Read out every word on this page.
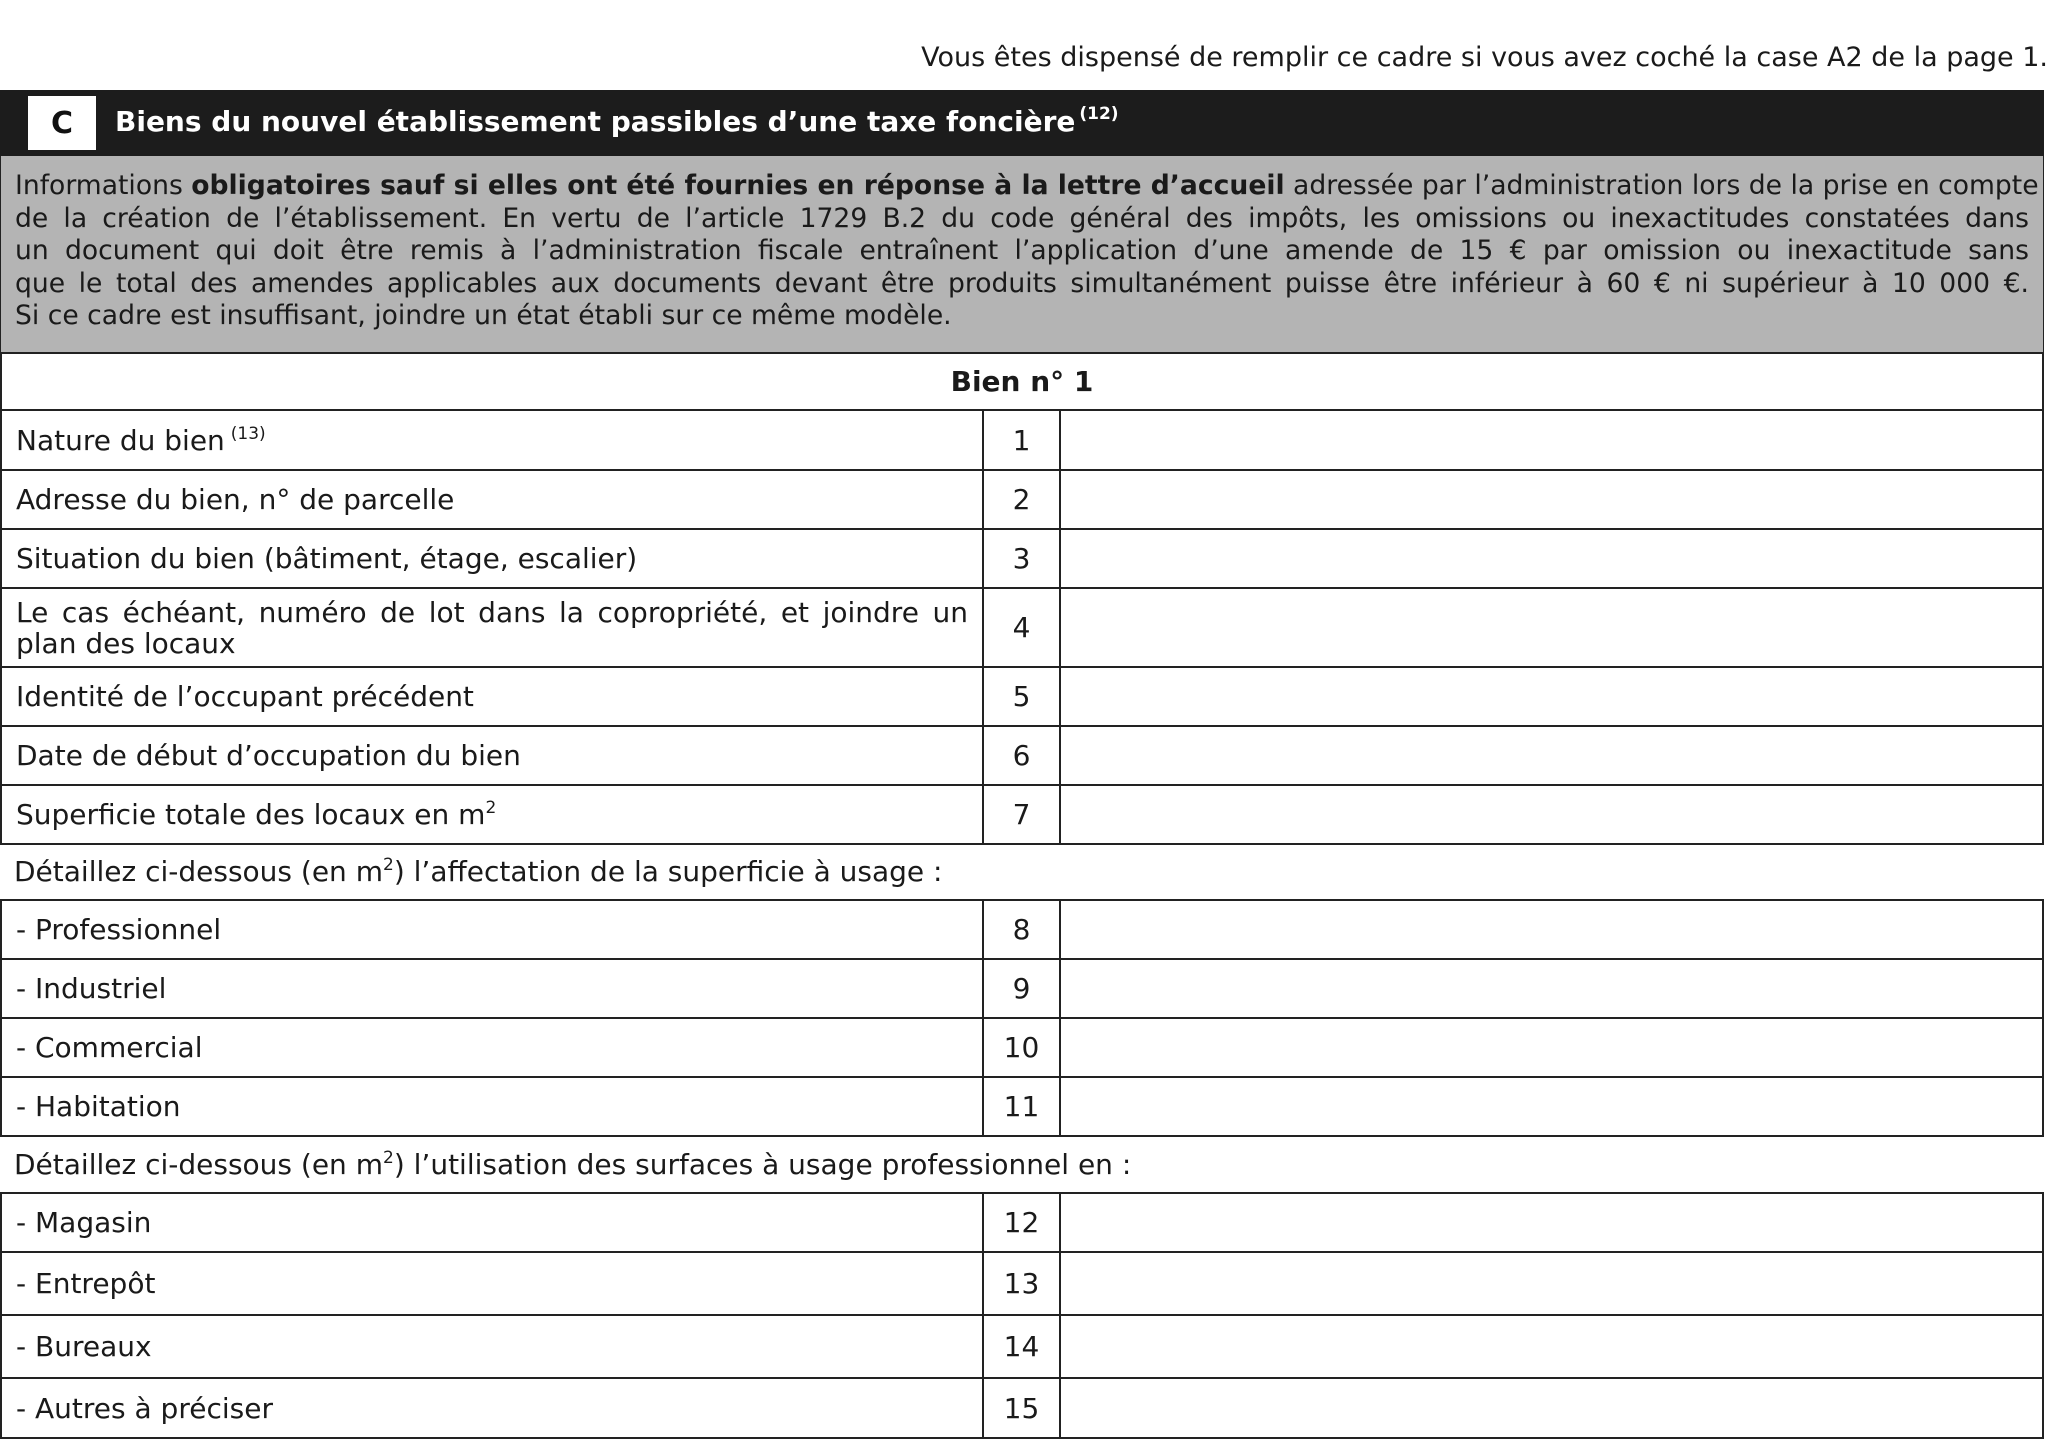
Vous êtes dispensé de remplir ce cadre si vous avez coché la case A2 de la page 1.
C	Biens du nouvel établissement passibles d’une taxe foncière $^{(12)}$
Informations obligatoires sauf si elles ont été fournies en réponse à la lettre d’accueil adressée par l’administration lors de la prise en compte
de la création de l’établissement. En vertu de l’article 1729 B.2 du code général des impôts, les omissions ou inexactitudes constatées dans
un document qui doit être remis à l’administration fiscale entraînent l’application d’une amende de 15 € par omission ou inexactitude sans
que le total des amendes applicables aux documents devant être produits simultanément puisse être inférieur à 60 € ni supérieur à 10 000 €.
Si ce cadre est insuffisant, joindre un état établi sur ce même modèle.
Bien n° 1		
Nature du bien $^{(13)}$	1	
Adresse du bien, n° de parcelle	2	
Situation du bien (bâtiment, étage, escalier)	3	
Le cas échéant, numéro de lot dans la copropriété, et joindre un plan des locaux	4	
Identité de l’occupant précédent	5	
Date de début d’occupation du bien	6	
Superficie totale des locaux en $m^2$	7	
Détaillez ci-dessous (en $m^2$) l’affectation de la superficie à usage :
- Professionnel	8	
- Industriel	9	
- Commercial	10	
- Habitation	11	
Détaillez ci-dessous (en $m^2$) l’utilisation des surfaces à usage professionnel en :
- Magasin	12	
- Entrepôt	13	
- Bureaux	14	
- Autres à préciser	15	
